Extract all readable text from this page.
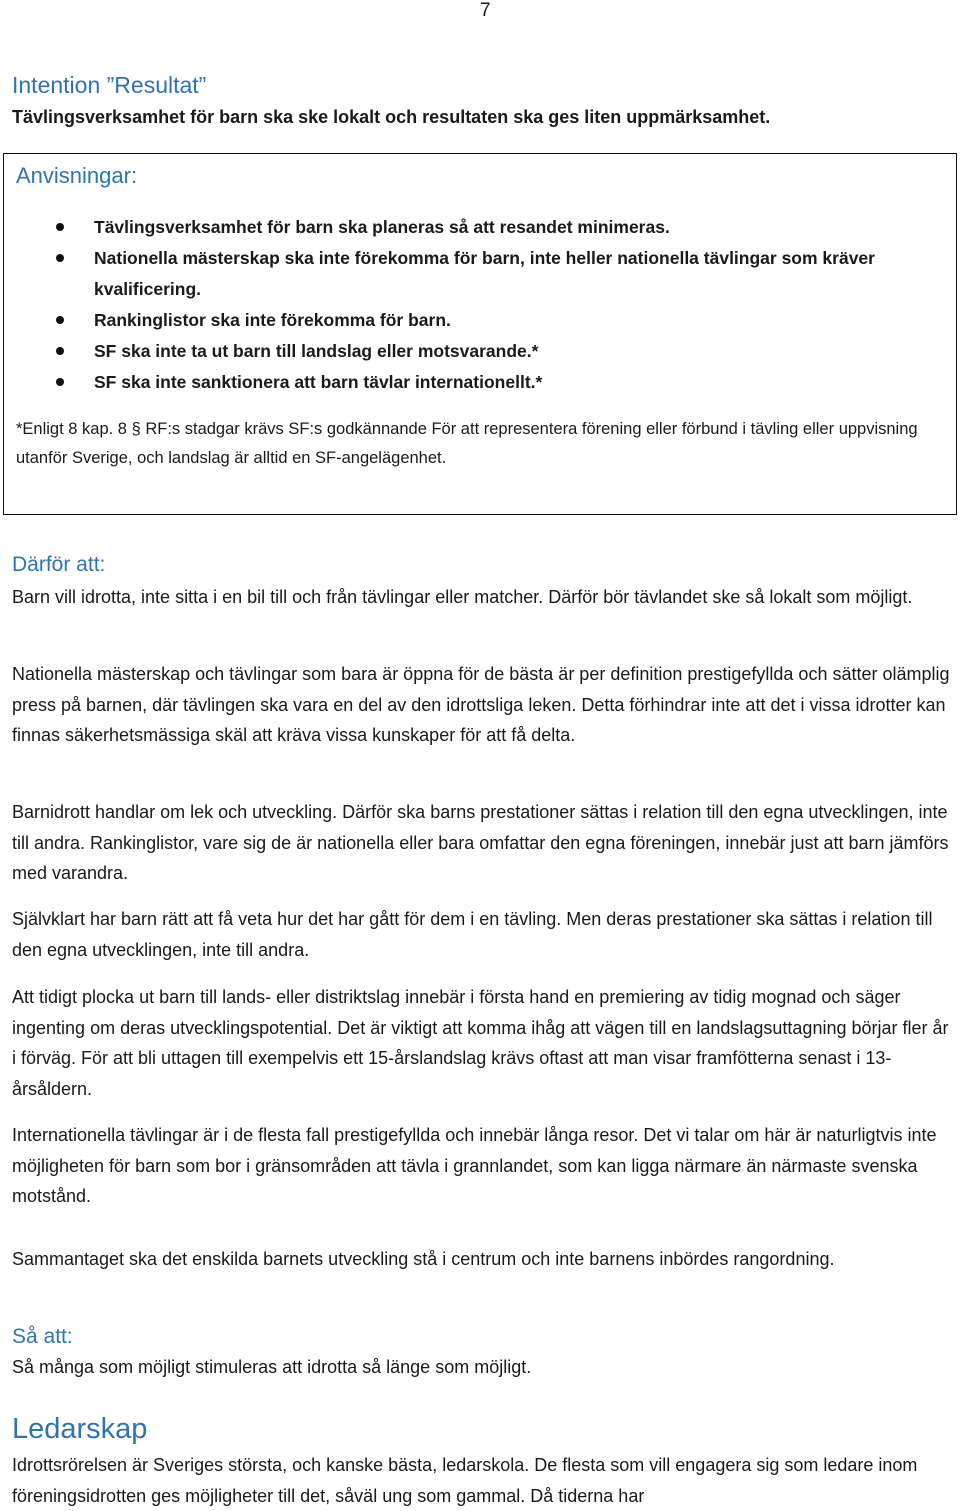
7
Intention ”Resultat”

Tävlingsverksamhet för barn ska ske lokalt och resultaten ska ges liten uppmärksamhet.

Anvisningar:
Tävlingsverksamhet för barn ska planeras så att resandet minimeras.
Nationella mästerskap ska inte förekomma för barn, inte heller nationella tävlingar som kräver kvalificering.
Rankinglistor ska inte förekomma för barn.
SF ska inte ta ut barn till landslag eller motsvarande.*
SF ska inte sanktionera att barn tävlar internationellt.*

*Enligt 8 kap. 8 § RF:s stadgar krävs SF:s godkännande För att representera förening eller förbund i tävling eller uppvisning utanför Sverige, och landslag är alltid en SF-angelägenhet.

Därför att:

Barn vill idrotta, inte sitta i en bil till och från tävlingar eller matcher. Därför bör tävlandet ske så lokalt som möjligt.

Nationella mästerskap och tävlingar som bara är öppna för de bästa är per definition prestigefyllda och sätter olämplig press på barnen, där tävlingen ska vara en del av den idrottsliga leken. Detta förhindrar inte att det i vissa idrotter kan finnas säkerhetsmässiga skäl att kräva vissa kunskaper för att få delta.

Barnidrott handlar om lek och utveckling. Därför ska barns prestationer sättas i relation till den egna utvecklingen, inte till andra. Rankinglistor, vare sig de är nationella eller bara omfattar den egna föreningen, innebär just att barn jämförs med varandra.

Självklart har barn rätt att få veta hur det har gått för dem i en tävling. Men deras prestationer ska sättas i relation till den egna utvecklingen, inte till andra.

Att tidigt plocka ut barn till lands- eller distriktslag innebär i första hand en premiering av tidig mognad och säger ingenting om deras utvecklingspotential. Det är viktigt att komma ihåg att vägen till en landslagsuttagning börjar fler år i förväg. För att bli uttagen till exempelvis ett 15-årslandslag krävs oftast att man visar framfötterna senast i 13-årsåldern.

Internationella tävlingar är i de flesta fall prestigefyllda och innebär långa resor. Det vi talar om här är naturligtvis inte möjligheten för barn som bor i gränsområden att tävla i grannlandet, som kan ligga närmare än närmaste svenska motstånd.

Sammantaget ska det enskilda barnets utveckling stå i centrum och inte barnens inbördes rangordning.

Så att:

Så många som möjligt stimuleras att idrotta så länge som möjligt.

Ledarskap

Idrottsrörelsen är Sveriges största, och kanske bästa, ledarskola. De flesta som vill engagera sig som ledare inom föreningsidrotten ges möjligheter till det, såväl ung som gammal. Då tiderna har
